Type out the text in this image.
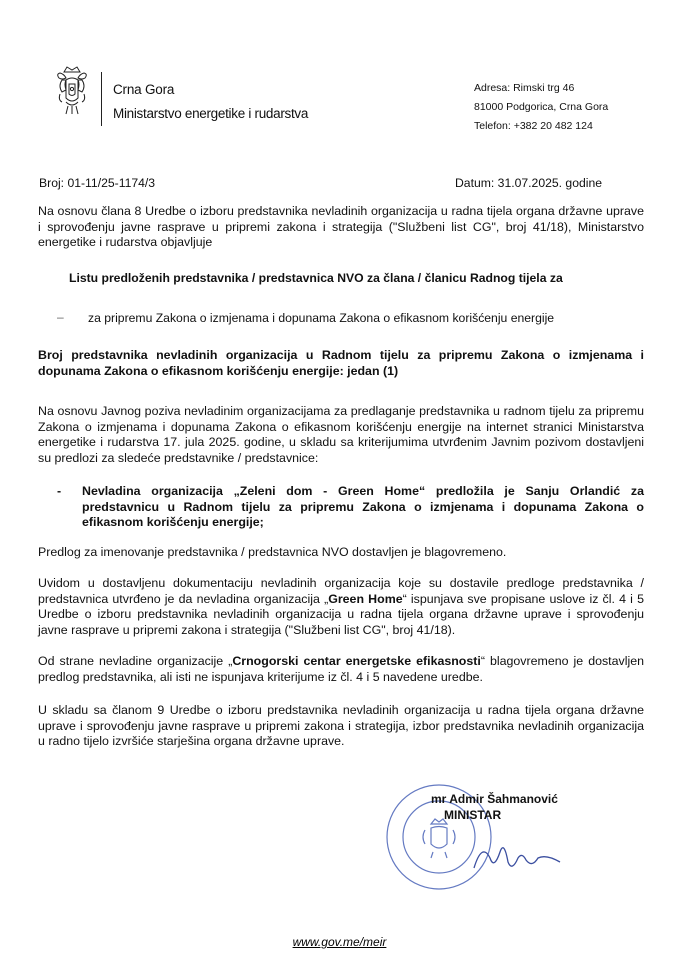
Crna Gora
Ministarstvo energetike i rudarstva
Adresa: Rimski trg 46
81000 Podgorica, Crna Gora
Telefon: +382 20 482 124
Broj: 01-11/25-1174/3	Datum: 31.07.2025. godine
Na osnovu člana 8 Uredbe o izboru predstavnika nevladinih organizacija u radna tijela organa državne uprave i sprovođenju javne rasprave u pripremi zakona i strategija ("Službeni list CG", broj 41/18), Ministarstvo energetike i rudarstva objavljuje
Listu predloženih predstavnika / predstavnica NVO za člana / članicu Radnog tijela za
– za pripremu Zakona o izmjenama i dopunama Zakona o efikasnom korišćenju energije
Broj predstavnika nevladinih organizacija u Radnom tijelu za pripremu Zakona o izmjenama i dopunama Zakona o efikasnom korišćenju energije: jedan (1)
Na osnovu Javnog poziva nevladinim organizacijama za predlaganje predstavnika u radnom tijelu za pripremu Zakona o izmjenama i dopunama Zakona o efikasnom korišćenju energije na internet stranici Ministarstva energetike i rudarstva 17. jula 2025. godine, u skladu sa kriterijumima utvrđenim Javnim pozivom dostavljeni su predlozi za sledeće predstavnike / predstavnice:
- Nevladina organizacija „Zeleni dom - Green Home“ predložila je Sanju Orlandić za predstavnicu u Radnom tijelu za pripremu Zakona o izmjenama i dopunama Zakona o efikasnom korišćenju energije;
Predlog za imenovanje predstavnika / predstavnica NVO dostavljen je blagovremeno.
Uvidom u dostavljenu dokumentaciju nevladinih organizacija koje su dostavile predloge predstavnika / predstavnica utvrđeno je da nevladina organizacija „Green Home“ ispunjava sve propisane uslove iz čl. 4 i 5 Uredbe o izboru predstavnika nevladinih organizacija u radna tijela organa državne uprave i sprovođenju javne rasprave u pripremi zakona i strategija ("Službeni list CG", broj 41/18).
Od strane nevladine organizacije „Crnogorski centar energetske efikasnosti“ blagovremeno je dostavljen predlog predstavnika, ali isti ne ispunjava kriterijume iz čl. 4 i 5 navedene uredbe.
U skladu sa članom 9 Uredbe o izboru predstavnika nevladinih organizacija u radna tijela organa državne uprave i sprovođenju javne rasprave u pripremi zakona i strategija, izbor predstavnika nevladinih organizacija u radno tijelo izvršiće starješina organa državne uprave.
mr Admir Šahmanović
MINISTAR
www.gov.me/meir
